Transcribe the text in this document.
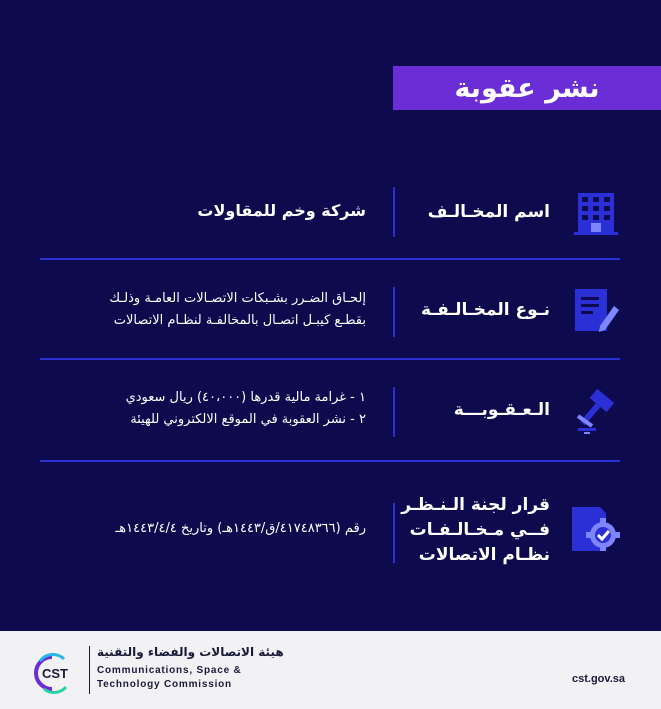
نشر عقوبة
اسم المخـالـف
شركة وخم للمقاولات
نـوع المخـالـفـة
إلحـاق الضـرر بشـبكات الاتصـالات العامـة وذلـك
بقطـع كيبـل اتصـال بالمخالفـة لنظـام الاتصالات
الـعـقـوبـــة
١ - غرامة مالية قدرها (٤٠،٠٠٠) ريال سعودي
٢ - نشر العقوبة في الموقع الالكتروني للهيئة
قرار لجنة الـنـظـر
فــي مـخـالـفـات
نظـام الاتصالات
رقم (٤١٧٤٨٣٦٦/ق/١٤٤٣هـ) وتاريخ ١٤٤٣/٤/٤هـ
CST
هيئة الاتصالات والفضاء والتقنية
Communications, Space &
Technology Commission	cst.gov.sa
